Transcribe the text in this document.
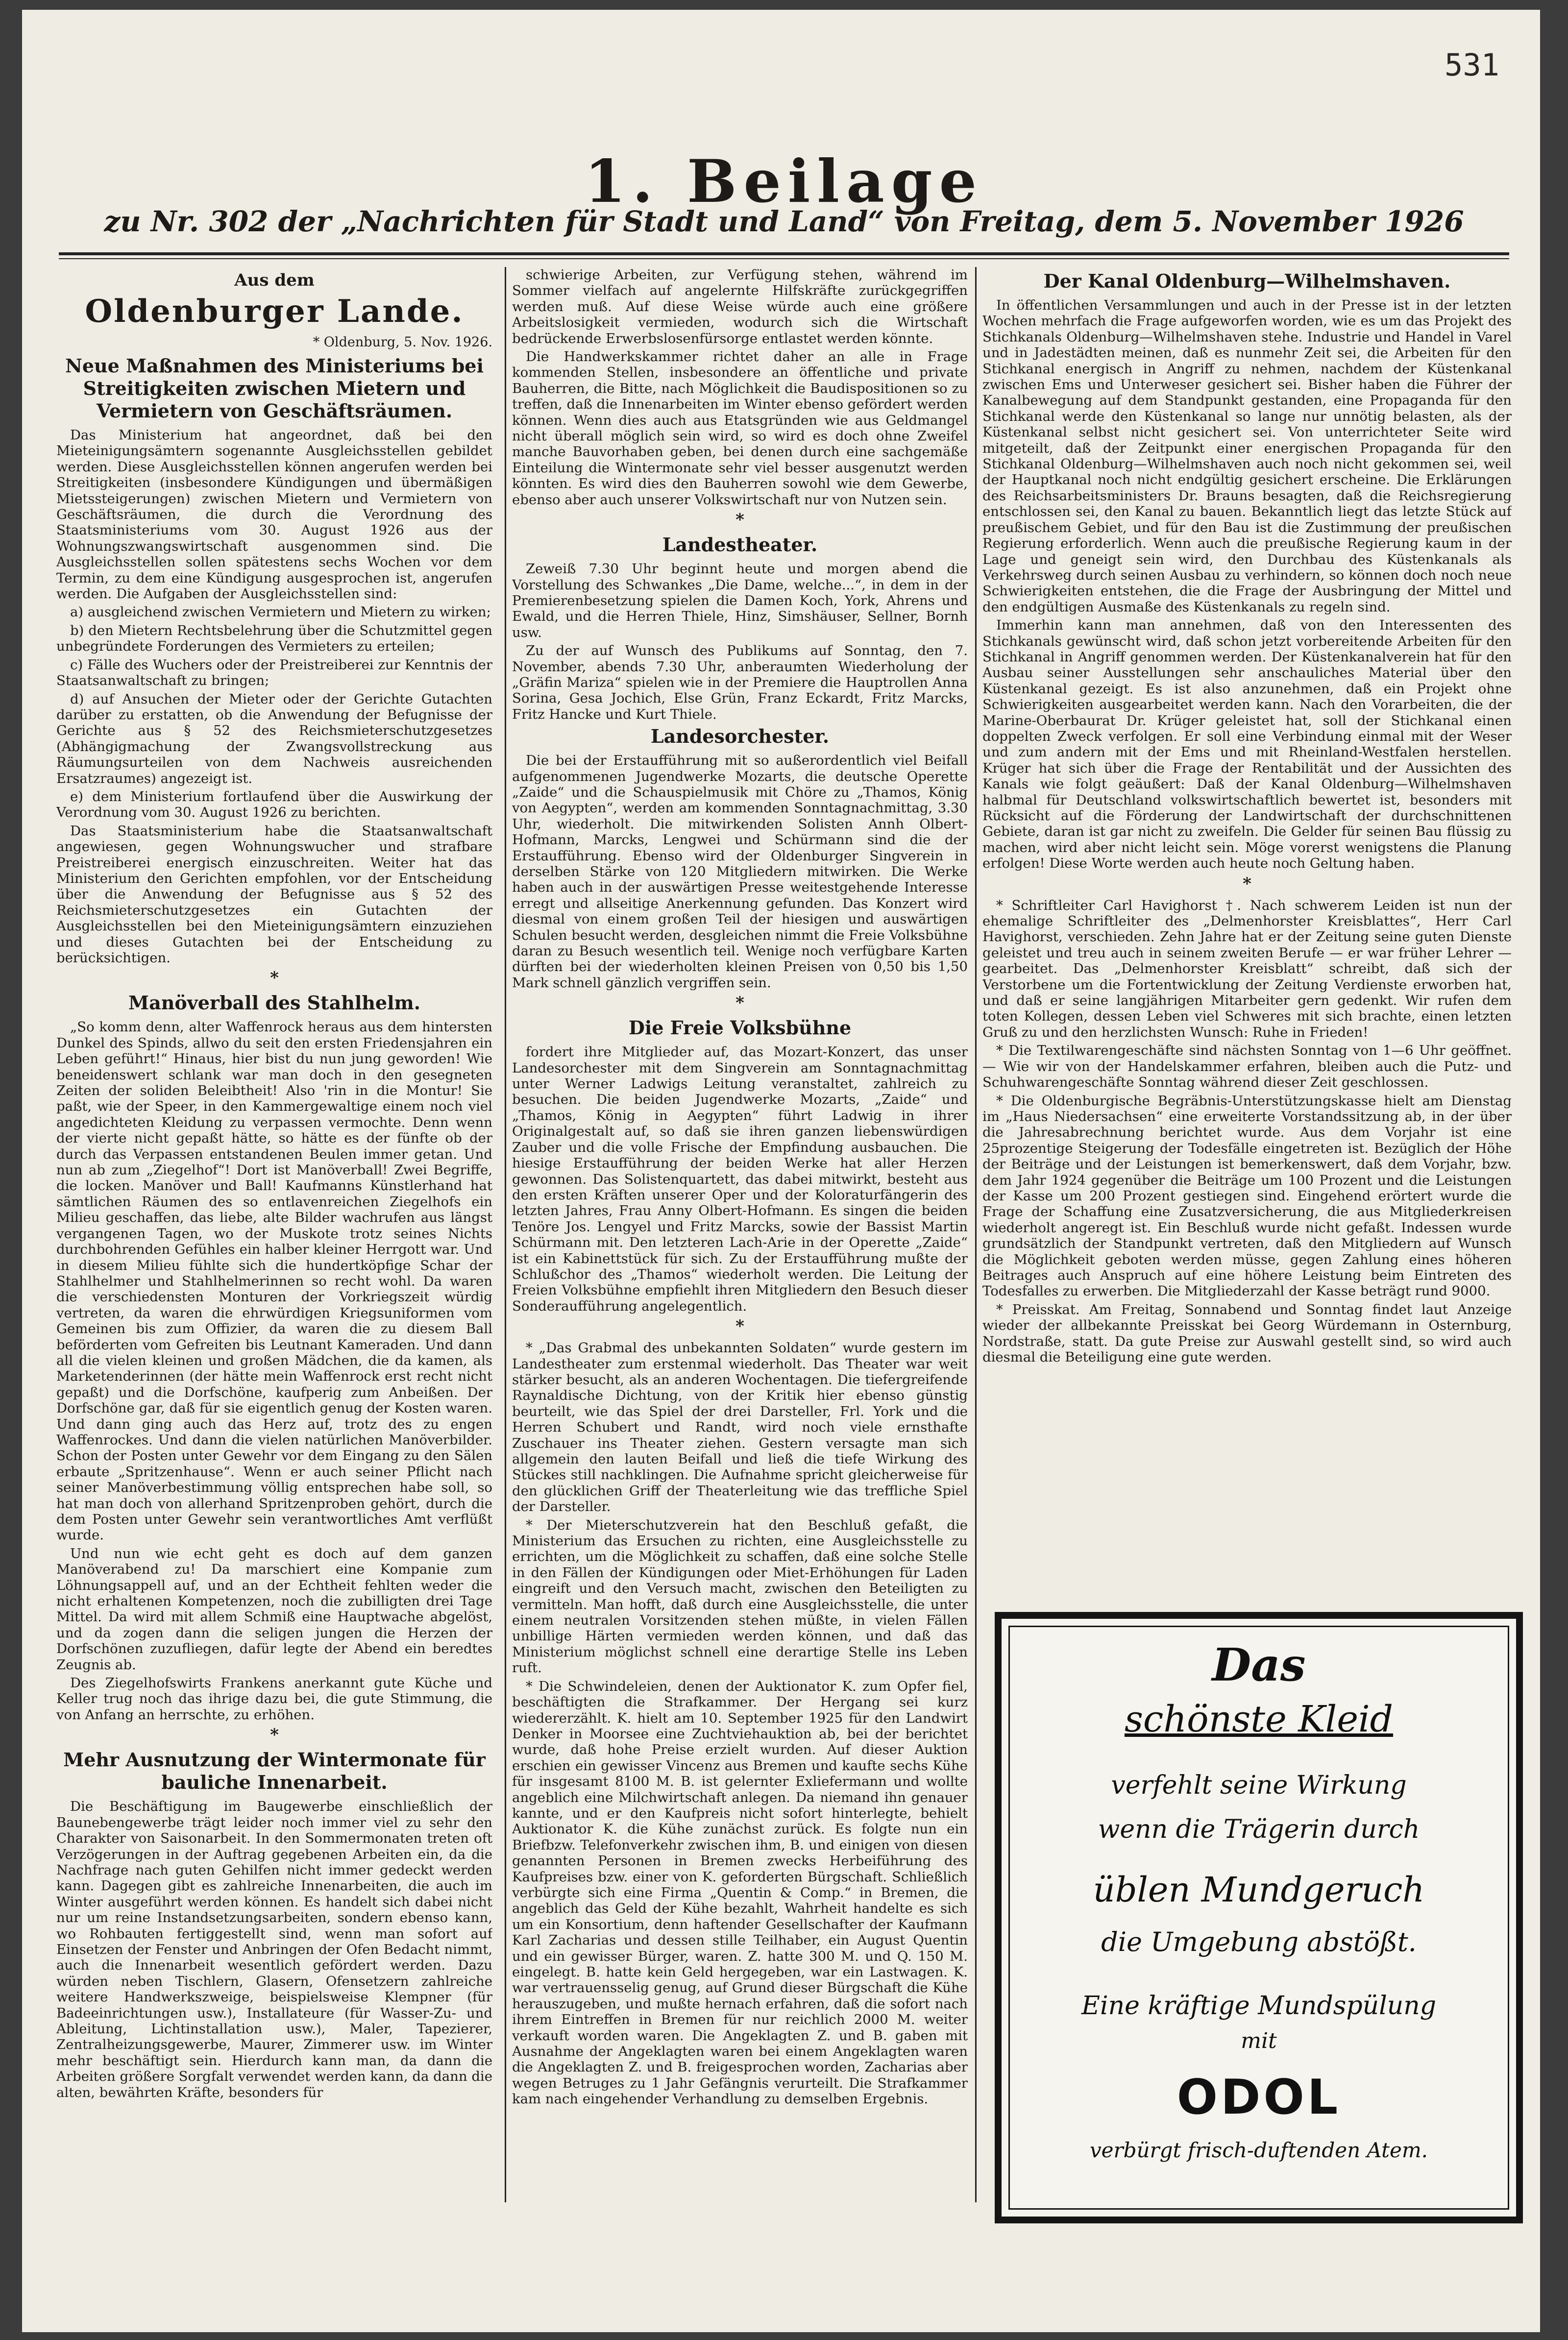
531
1. Beilage
zu Nr. 302 der „Nachrichten für Stadt und Land“ von Freitag, dem 5. November 1926
Aus dem
Oldenburger Lande.
* Oldenburg, 5. Nov. 1926.
Neue Maßnahmen des Ministeriums bei Streitigkeiten zwischen Mietern und Vermietern von Geschäftsräumen.

Das Ministerium hat angeordnet, daß bei den Mieteinigungsämtern sogenannte Ausgleichsstellen gebildet werden. Diese Ausgleichsstellen können angerufen werden bei Streitigkeiten (insbesondere Kündigungen und übermäßigen Mietssteigerungen) zwischen Mietern und Vermietern von Geschäftsräumen, die durch die Verordnung des Staatsministeriums vom 30. August 1926 aus der Wohnungszwangswirtschaft ausgenommen sind. Die Ausgleichsstellen sollen spätestens sechs Wochen vor dem Termin, zu dem eine Kündigung ausgesprochen ist, angerufen werden. Die Aufgaben der Ausgleichsstellen sind:

a) ausgleichend zwischen Vermietern und Mietern zu wirken;

b) den Mietern Rechtsbelehrung über die Schutzmittel gegen unbegründete Forderungen des Vermieters zu erteilen;

c) Fälle des Wuchers oder der Preistreiberei zur Kenntnis der Staatsanwaltschaft zu bringen;

d) auf Ansuchen der Mieter oder der Gerichte Gutachten darüber zu erstatten, ob die Anwendung der Befugnisse der Gerichte aus § 52 des Reichsmieterschutzgesetzes (Abhängigmachung der Zwangsvollstreckung aus Räumungsurteilen von dem Nachweis ausreichenden Ersatzraumes) angezeigt ist.

e) dem Ministerium fortlaufend über die Auswirkung der Verordnung vom 30. August 1926 zu berichten.

Das Staatsministerium habe die Staatsanwaltschaft angewiesen, gegen Wohnungswucher und strafbare Preistreiberei energisch einzuschreiten. Weiter hat das Ministerium den Gerichten empfohlen, vor der Entscheidung über die Anwendung der Befugnisse aus § 52 des Reichsmieterschutzgesetzes ein Gutachten der Ausgleichsstellen bei den Mieteinigungsämtern einzuziehen und dieses Gutachten bei der Entscheidung zu berücksichtigen.

*
Manöverball des Stahlhelm.

„So komm denn, alter Waffenrock heraus aus dem hintersten Dunkel des Spinds, allwo du seit den ersten Friedensjahren ein Leben geführt!“ Hinaus, hier bist du nun jung geworden! Wie beneidenswert schlank war man doch in den gesegneten Zeiten der soliden Beleibtheit! Also 'rin in die Montur! Sie paßt, wie der Speer, in den Kammergewaltige einem noch viel angedichteten Kleidung zu verpassen vermochte. Denn wenn der vierte nicht gepaßt hätte, so hätte es der fünfte ob der durch das Verpassen entstandenen Beulen immer getan. Und nun ab zum „Ziegelhof“! Dort ist Manöverball! Zwei Begriffe, die locken. Manöver und Ball! Kaufmanns Künstlerhand hat sämtlichen Räumen des so entlavenreichen Ziegelhofs ein Milieu geschaffen, das liebe, alte Bilder wachrufen aus längst vergangenen Tagen, wo der Muskote trotz seines Nichts durchbohrenden Gefühles ein halber kleiner Herrgott war. Und in diesem Milieu fühlte sich die hundertköpfige Schar der Stahlhelmer und Stahlhelmerinnen so recht wohl. Da waren die verschiedensten Monturen der Vorkriegszeit würdig vertreten, da waren die ehrwürdigen Kriegsuniformen vom Gemeinen bis zum Offizier, da waren die zu diesem Ball beförderten vom Gefreiten bis Leutnant Kameraden. Und dann all die vielen kleinen und großen Mädchen, die da kamen, als Marketenderinnen (der hätte mein Waffenrock erst recht nicht gepaßt) und die Dorfschöne, kaufperig zum Anbeißen. Der Dorfschöne gar, daß für sie eigentlich genug der Kosten waren. Und dann ging auch das Herz auf, trotz des zu engen Waffenrockes. Und dann die vielen natürlichen Manöverbilder. Schon der Posten unter Gewehr vor dem Eingang zu den Sälen erbaute „Spritzenhause“. Wenn er auch seiner Pflicht nach seiner Manöverbestimmung völlig entsprechen habe soll, so hat man doch von allerhand Spritzenproben gehört, durch die dem Posten unter Gewehr sein verantwortliches Amt verflüßt wurde.

Und nun wie echt geht es doch auf dem ganzen Manöverabend zu! Da marschiert eine Kompanie zum Löhnungsappell auf, und an der Echtheit fehlten weder die nicht erhaltenen Kompetenzen, noch die zubilligten drei Tage Mittel. Da wird mit allem Schmiß eine Hauptwache abgelöst, und da zogen dann die seligen jungen die Herzen der Dorfschönen zuzufliegen, dafür legte der Abend ein beredtes Zeugnis ab.

Des Ziegelhofswirts Frankens anerkannt gute Küche und Keller trug noch das ihrige dazu bei, die gute Stimmung, die von Anfang an herrschte, zu erhöhen.

*
Mehr Ausnutzung der Wintermonate für bauliche Innenarbeit.

Die Beschäftigung im Baugewerbe einschließlich der Baunebengewerbe trägt leider noch immer viel zu sehr den Charakter von Saisonarbeit. In den Sommermonaten treten oft Verzögerungen in der Auftrag gegebenen Arbeiten ein, da die Nachfrage nach guten Gehilfen nicht immer gedeckt werden kann. Dagegen gibt es zahlreiche Innenarbeiten, die auch im Winter ausgeführt werden können. Es handelt sich dabei nicht nur um reine Instandsetzungsarbeiten, sondern ebenso kann, wo Rohbauten fertiggestellt sind, wenn man sofort auf Einsetzen der Fenster und Anbringen der Ofen Bedacht nimmt, auch die Innenarbeit wesentlich gefördert werden. Dazu würden neben Tischlern, Glasern, Ofensetzern zahlreiche weitere Handwerkszweige, beispielsweise Klempner (für Badeeinrichtungen usw.), Installateure (für Wasser-Zu- und Ableitung, Lichtinstallation usw.), Maler, Tapezierer, Zentralheizungsgewerbe, Maurer, Zimmerer usw. im Winter mehr beschäftigt sein. Hierdurch kann man, da dann die Arbeiten größere Sorgfalt verwendet werden kann, da dann die alten, bewährten Kräfte, besonders für

schwierige Arbeiten, zur Verfügung stehen, während im Sommer vielfach auf angelernte Hilfskräfte zurückgegriffen werden muß. Auf diese Weise würde auch eine größere Arbeitslosigkeit vermieden, wodurch sich die Wirtschaft bedrückende Erwerbslosenfürsorge entlastet werden könnte.

Die Handwerkskammer richtet daher an alle in Frage kommenden Stellen, insbesondere an öffentliche und private Bauherren, die Bitte, nach Möglichkeit die Baudispositionen so zu treffen, daß die Innenarbeiten im Winter ebenso gefördert werden können. Wenn dies auch aus Etatsgründen wie aus Geldmangel nicht überall möglich sein wird, so wird es doch ohne Zweifel manche Bauvorhaben geben, bei denen durch eine sachgemäße Einteilung die Wintermonate sehr viel besser ausgenutzt werden könnten. Es wird dies den Bauherren sowohl wie dem Gewerbe, ebenso aber auch unserer Volkswirtschaft nur von Nutzen sein.

*
Landestheater.

Zeweiß 7.30 Uhr beginnt heute und morgen abend die Vorstellung des Schwankes „Die Dame, welche...“, in dem in der Premierenbesetzung spielen die Damen Koch, York, Ahrens und Ewald, und die Herren Thiele, Hinz, Simshäuser, Sellner, Bornh usw.

Zu der auf Wunsch des Publikums auf Sonntag, den 7. November, abends 7.30 Uhr, anberaumten Wiederholung der „Gräfin Mariza“ spielen wie in der Premiere die Hauptrollen Anna Sorina, Gesa Jochich, Else Grün, Franz Eckardt, Fritz Marcks, Fritz Hancke und Kurt Thiele.

Landesorchester.

Die bei der Erstaufführung mit so außerordentlich viel Beifall aufgenommenen Jugendwerke Mozarts, die deutsche Operette „Zaide“ und die Schauspielmusik mit Chöre zu „Thamos, König von Aegypten“, werden am kommenden Sonntagnachmittag, 3.30 Uhr, wiederholt. Die mitwirkenden Solisten Annh Olbert-Hofmann, Marcks, Lengwei und Schürmann sind die der Erstaufführung. Ebenso wird der Oldenburger Singverein in derselben Stärke von 120 Mitgliedern mitwirken. Die Werke haben auch in der auswärtigen Presse weitestgehende Interesse erregt und allseitige Anerkennung gefunden. Das Konzert wird diesmal von einem großen Teil der hiesigen und auswärtigen Schulen besucht werden, desgleichen nimmt die Freie Volksbühne daran zu Besuch wesentlich teil. Wenige noch verfügbare Karten dürften bei der wiederholten kleinen Preisen von 0,50 bis 1,50 Mark schnell gänzlich vergriffen sein.

*
Die Freie Volksbühne

fordert ihre Mitglieder auf, das Mozart-Konzert, das unser Landesorchester mit dem Singverein am Sonntagnachmittag unter Werner Ladwigs Leitung veranstaltet, zahlreich zu besuchen. Die beiden Jugendwerke Mozarts, „Zaide“ und „Thamos, König in Aegypten“ führt Ladwig in ihrer Originalgestalt auf, so daß sie ihren ganzen liebenswürdigen Zauber und die volle Frische der Empfindung ausbauchen. Die hiesige Erstaufführung der beiden Werke hat aller Herzen gewonnen. Das Solistenquartett, das dabei mitwirkt, besteht aus den ersten Kräften unserer Oper und der Koloraturfängerin des letzten Jahres, Frau Anny Olbert-Hofmann. Es singen die beiden Tenöre Jos. Lengyel und Fritz Marcks, sowie der Bassist Martin Schürmann mit. Den letzteren Lach-Arie in der Operette „Zaide“ ist ein Kabinettstück für sich. Zu der Erstaufführung mußte der Schlußchor des „Thamos“ wiederholt werden. Die Leitung der Freien Volksbühne empfiehlt ihren Mitgliedern den Besuch dieser Sonderaufführung angelegentlich.

*

* „Das Grabmal des unbekannten Soldaten“ wurde gestern im Landestheater zum erstenmal wiederholt. Das Theater war weit stärker besucht, als an anderen Wochentagen. Die tiefergreifende Raynaldische Dichtung, von der Kritik hier ebenso günstig beurteilt, wie das Spiel der drei Darsteller, Frl. York und die Herren Schubert und Randt, wird noch viele ernsthafte Zuschauer ins Theater ziehen. Gestern versagte man sich allgemein den lauten Beifall und ließ die tiefe Wirkung des Stückes still nachklingen. Die Aufnahme spricht gleicherweise für den glücklichen Griff der Theaterleitung wie das treffliche Spiel der Darsteller.

* Der Mieterschutzverein hat den Beschluß gefaßt, die Ministerium das Ersuchen zu richten, eine Ausgleichsstelle zu errichten, um die Möglichkeit zu schaffen, daß eine solche Stelle in den Fällen der Kündigungen oder Miet-Erhöhungen für Laden eingreift und den Versuch macht, zwischen den Beteiligten zu vermitteln. Man hofft, daß durch eine Ausgleichsstelle, die unter einem neutralen Vorsitzenden stehen müßte, in vielen Fällen unbillige Härten vermieden werden können, und daß das Ministerium möglichst schnell eine derartige Stelle ins Leben ruft.

* Die Schwindeleien, denen der Auktionator K. zum Opfer fiel, beschäftigten die Strafkammer. Der Hergang sei kurz wiedererzählt. K. hielt am 10. September 1925 für den Landwirt Denker in Moorsee eine Zuchtviehauktion ab, bei der berichtet wurde, daß hohe Preise erzielt wurden. Auf dieser Auktion erschien ein gewisser Vincenz aus Bremen und kaufte sechs Kühe für insgesamt 8100 M. B. ist gelernter Exliefermann und wollte angeblich eine Milchwirtschaft anlegen. Da niemand ihn genauer kannte, und er den Kaufpreis nicht sofort hinterlegte, behielt Auktionator K. die Kühe zunächst zurück. Es folgte nun ein Briefbzw. Telefonverkehr zwischen ihm, B. und einigen von diesen genannten Personen in Bremen zwecks Herbeiführung des Kaufpreises bzw. einer von K. geforderten Bürgschaft. Schließlich verbürgte sich eine Firma „Quentin & Comp.“ in Bremen, die angeblich das Geld der Kühe bezahlt, Wahrheit handelte es sich um ein Konsortium, denn haftender Gesellschafter der Kaufmann Karl Zacharias und dessen stille Teilhaber, ein August Quentin und ein gewisser Bürger, waren. Z. hatte 300 M. und Q. 150 M. eingelegt. B. hatte kein Geld hergegeben, war ein Lastwagen. K. war vertrauensselig genug, auf Grund dieser Bürgschaft die Kühe herauszugeben, und mußte hernach erfahren, daß die sofort nach ihrem Eintreffen in Bremen für nur reichlich 2000 M. weiter verkauft worden waren. Die Angeklagten Z. und B. gaben mit Ausnahme der Angeklagten waren bei einem Angeklagten waren die Angeklagten Z. und B. freigesprochen worden, Zacharias aber wegen Betruges zu 1 Jahr Gefängnis verurteilt. Die Strafkammer kam nach eingehender Verhandlung zu demselben Ergebnis.

Der Kanal Oldenburg—Wilhelmshaven.

In öffentlichen Versammlungen und auch in der Presse ist in der letzten Wochen mehrfach die Frage aufgeworfen worden, wie es um das Projekt des Stichkanals Oldenburg—Wilhelmshaven stehe. Industrie und Handel in Varel und in Jadestädten meinen, daß es nunmehr Zeit sei, die Arbeiten für den Stichkanal energisch in Angriff zu nehmen, nachdem der Küstenkanal zwischen Ems und Unterweser gesichert sei. Bisher haben die Führer der Kanalbewegung auf dem Standpunkt gestanden, eine Propaganda für den Stichkanal werde den Küstenkanal so lange nur unnötig belasten, als der Küstenkanal selbst nicht gesichert sei. Von unterrichteter Seite wird mitgeteilt, daß der Zeitpunkt einer energischen Propaganda für den Stichkanal Oldenburg—Wilhelmshaven auch noch nicht gekommen sei, weil der Hauptkanal noch nicht endgültig gesichert erscheine. Die Erklärungen des Reichsarbeitsministers Dr. Brauns besagten, daß die Reichsregierung entschlossen sei, den Kanal zu bauen. Bekanntlich liegt das letzte Stück auf preußischem Gebiet, und für den Bau ist die Zustimmung der preußischen Regierung erforderlich. Wenn auch die preußische Regierung kaum in der Lage und geneigt sein wird, den Durchbau des Küstenkanals als Verkehrsweg durch seinen Ausbau zu verhindern, so können doch noch neue Schwierigkeiten entstehen, die die Frage der Ausbringung der Mittel und den endgültigen Ausmaße des Küstenkanals zu regeln sind.

Immerhin kann man annehmen, daß von den Interessenten des Stichkanals gewünscht wird, daß schon jetzt vorbereitende Arbeiten für den Stichkanal in Angriff genommen werden. Der Küstenkanalverein hat für den Ausbau seiner Ausstellungen sehr anschauliches Material über den Küstenkanal gezeigt. Es ist also anzunehmen, daß ein Projekt ohne Schwierigkeiten ausgearbeitet werden kann. Nach den Vorarbeiten, die der Marine-Oberbaurat Dr. Krüger geleistet hat, soll der Stichkanal einen doppelten Zweck verfolgen. Er soll eine Verbindung einmal mit der Weser und zum andern mit der Ems und mit Rheinland-Westfalen herstellen. Krüger hat sich über die Frage der Rentabilität und der Aussichten des Kanals wie folgt geäußert: Daß der Kanal Oldenburg—Wilhelmshaven halbmal für Deutschland volkswirtschaftlich bewertet ist, besonders mit Rücksicht auf die Förderung der Landwirtschaft der durchschnittenen Gebiete, daran ist gar nicht zu zweifeln. Die Gelder für seinen Bau flüssig zu machen, wird aber nicht leicht sein. Möge vorerst wenigstens die Planung erfolgen! Diese Worte werden auch heute noch Geltung haben.

*

* Schriftleiter Carl Havighorst †. Nach schwerem Leiden ist nun der ehemalige Schriftleiter des „Delmenhorster Kreisblattes“, Herr Carl Havighorst, verschieden. Zehn Jahre hat er der Zeitung seine guten Dienste geleistet und treu auch in seinem zweiten Berufe — er war früher Lehrer — gearbeitet. Das „Delmenhorster Kreisblatt“ schreibt, daß sich der Verstorbene um die Fortentwicklung der Zeitung Verdienste erworben hat, und daß er seine langjährigen Mitarbeiter gern gedenkt. Wir rufen dem toten Kollegen, dessen Leben viel Schweres mit sich brachte, einen letzten Gruß zu und den herzlichsten Wunsch: Ruhe in Frieden!

* Die Textilwarengeschäfte sind nächsten Sonntag von 1—6 Uhr geöffnet. — Wie wir von der Handelskammer erfahren, bleiben auch die Putz- und Schuhwarengeschäfte Sonntag während dieser Zeit geschlossen.

* Die Oldenburgische Begräbnis-Unterstützungskasse hielt am Dienstag im „Haus Niedersachsen“ eine erweiterte Vorstandssitzung ab, in der über die Jahresabrechnung berichtet wurde. Aus dem Vorjahr ist eine 25prozentige Steigerung der Todesfälle eingetreten ist. Bezüglich der Höhe der Beiträge und der Leistungen ist bemerkenswert, daß dem Vorjahr, bzw. dem Jahr 1924 gegenüber die Beiträge um 100 Prozent und die Leistungen der Kasse um 200 Prozent gestiegen sind. Eingehend erörtert wurde die Frage der Schaffung eine Zusatzversicherung, die aus Mitgliederkreisen wiederholt angeregt ist. Ein Beschluß wurde nicht gefaßt. Indessen wurde grundsätzlich der Standpunkt vertreten, daß den Mitgliedern auf Wunsch die Möglichkeit geboten werden müsse, gegen Zahlung eines höheren Beitrages auch Anspruch auf eine höhere Leistung beim Eintreten des Todesfalles zu erwerben. Die Mitgliederzahl der Kasse beträgt rund 9000.

* Preisskat. Am Freitag, Sonnabend und Sonntag findet laut Anzeige wieder der allbekannte Preisskat bei Georg Würdemann in Osternburg, Nordstraße, statt. Da gute Preise zur Auswahl gestellt sind, so wird auch diesmal die Beteiligung eine gute werden.

Das
schönste Kleid
verfehlt seine Wirkung
wenn die Trägerin durch
üblen Mundgeruch
die Umgebung abstößt.
Eine kräftige Mundspülung
mit
ODOL
verbürgt frisch-duftenden Atem.
